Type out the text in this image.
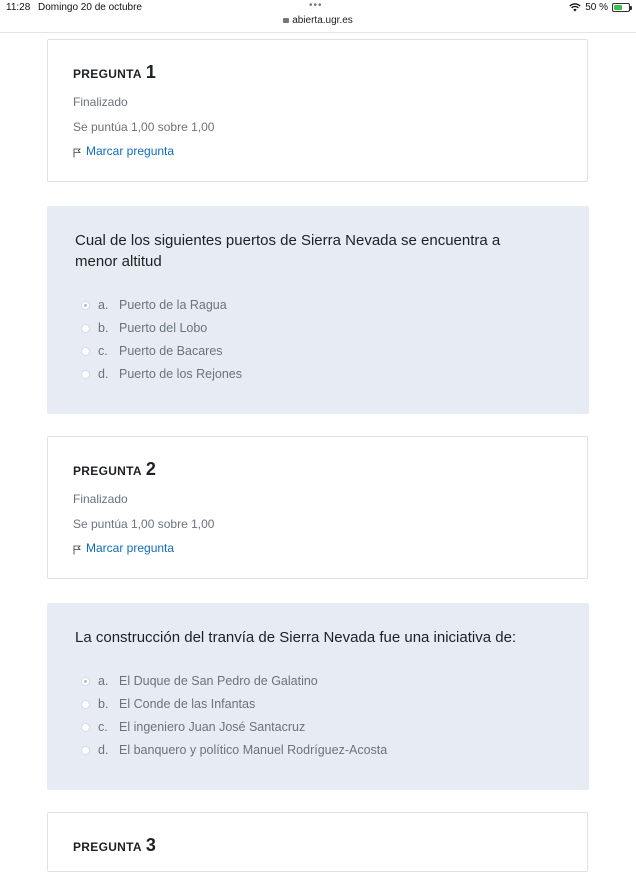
11:28 Domingo 20 de octubre	•••
abierta.ugr.es
50 %
PREGUNTA 1
Finalizado
Se puntúa 1,00 sobre 1,00
Marcar pregunta
Cual de los siguientes puertos de Sierra Nevada se encuentra a menor altitud
a. Puerto de la Ragua
b. Puerto del Lobo
c. Puerto de Bacares
d. Puerto de los Rejones
PREGUNTA 2
Finalizado
Se puntúa 1,00 sobre 1,00
Marcar pregunta
La construcción del tranvía de Sierra Nevada fue una iniciativa de:
a. El Duque de San Pedro de Galatino
b. El Conde de las Infantas
c. El ingeniero Juan José Santacruz
d. El banquero y político Manuel Rodríguez-Acosta
PREGUNTA 3
